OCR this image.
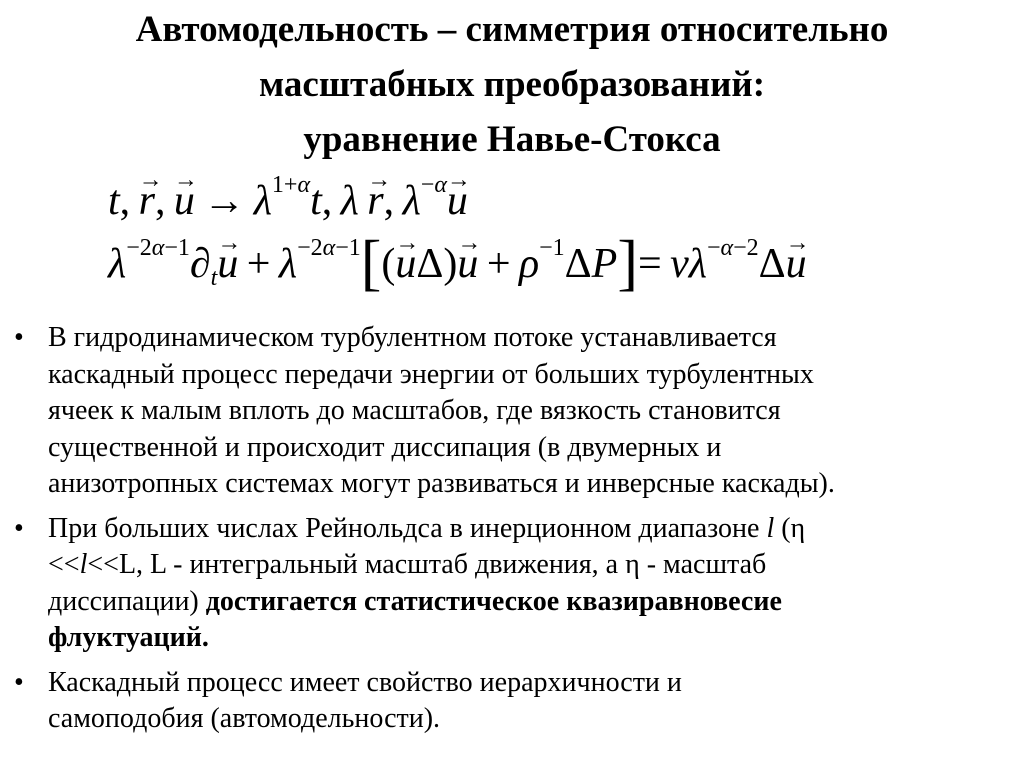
Автомодельность – симметрия относительно
масштабных преобразований:
уравнение Навье-Стокса
t, → r, → $u \to \lambda^{1+\alpha}t$, λ → r, $\lambda^{-\alpha}\to u$
$\lambda^{-2\alpha-1}\partial_t\to u + \lambda^{-2\alpha-1}[(\to u\Delta)\to u + \rho^{-1}\Delta P]= \nu\lambda^{-\alpha-2}\Delta\to u$
• В гидродинамическом турбулентном потоке устанавливается
каскадный процесс передачи энергии от больших турбулентных
ячеек к малым вплоть до масштабов, где вязкость становится
существенной и происходит диссипация (в двумерных и
анизотропных системах могут развиваться и инверсные каскады).
• При больших числах Рейнольдса в инерционном диапазоне l (η
<<l<<L, L - интегральный масштаб движения, а η - масштаб
диссипации) достигается статистическое квазиравновесие
флуктуаций.
• Каскадный процесс имеет свойство иерархичности и
самоподобия (автомодельности).
